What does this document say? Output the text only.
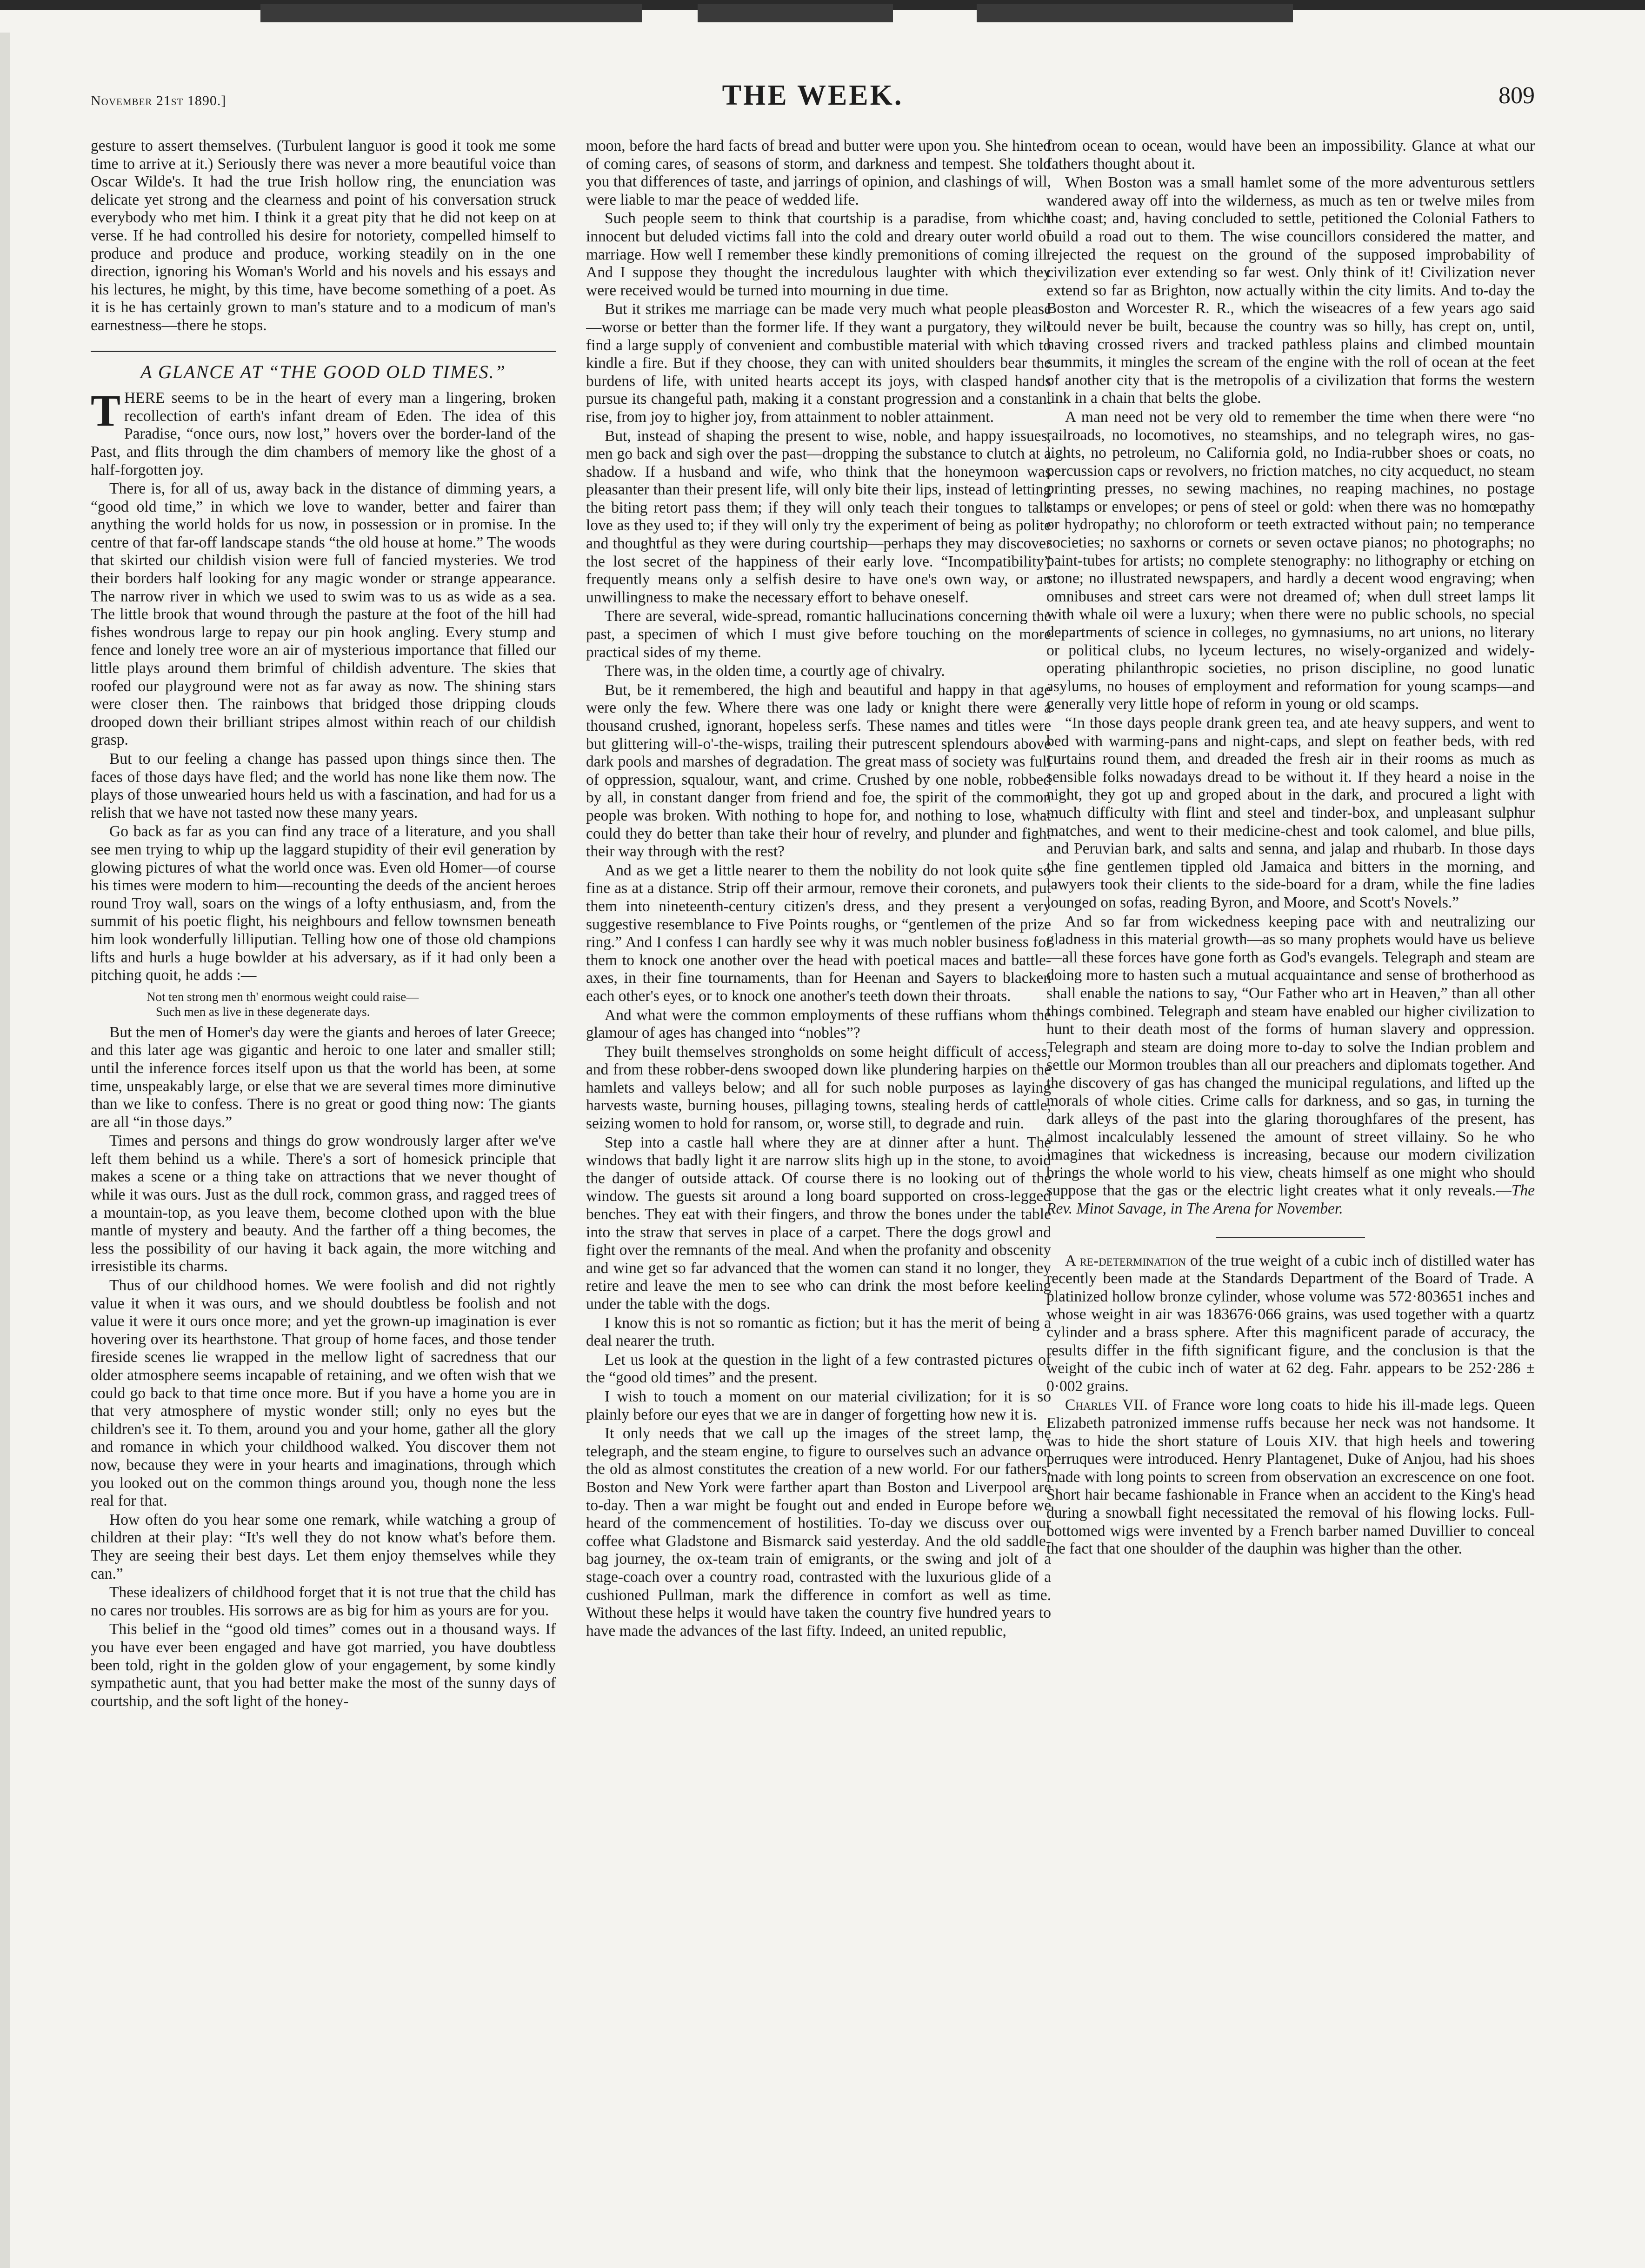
November 21st 1890.]	THE WEEK.	809

gesture to assert themselves. (Turbulent languor is good it took me some time to arrive at it.) Seriously there was never a more beautiful voice than Oscar Wilde's. It had the true Irish hollow ring, the enunciation was delicate yet strong and the clearness and point of his conversation struck everybody who met him. I think it a great pity that he did not keep on at verse. If he had controlled his desire for notoriety, compelled himself to produce and produce and produce, working steadily on in the one direction, ignoring his Woman's World and his novels and his essays and his lectures, he might, by this time, have become something of a poet. As it is he has certainly grown to man's stature and to a modicum of man's earnestness—there he stops.

A GLANCE AT “THE GOOD OLD TIMES.”

THERE seems to be in the heart of every man a lingering, broken recollection of earth's infant dream of Eden. The idea of this Paradise, “once ours, now lost,” hovers over the border-land of the Past, and flits through the dim chambers of memory like the ghost of a half-forgotten joy.

There is, for all of us, away back in the distance of dimming years, a “good old time,” in which we love to wander, better and fairer than anything the world holds for us now, in possession or in promise. In the centre of that far-off landscape stands “the old house at home.” The woods that skirted our childish vision were full of fancied mysteries. We trod their borders half looking for any magic wonder or strange appearance. The narrow river in which we used to swim was to us as wide as a sea. The little brook that wound through the pasture at the foot of the hill had fishes wondrous large to repay our pin hook angling. Every stump and fence and lonely tree wore an air of mysterious importance that filled our little plays around them brimful of childish adventure. The skies that roofed our playground were not as far away as now. The shining stars were closer then. The rainbows that bridged those dripping clouds drooped down their brilliant stripes almost within reach of our childish grasp.

But to our feeling a change has passed upon things since then. The faces of those days have fled; and the world has none like them now. The plays of those unwearied hours held us with a fascination, and had for us a relish that we have not tasted now these many years.

Go back as far as you can find any trace of a literature, and you shall see men trying to whip up the laggard stupidity of their evil generation by glowing pictures of what the world once was. Even old Homer—of course his times were modern to him—recounting the deeds of the ancient heroes round Troy wall, soars on the wings of a lofty enthusiasm, and, from the summit of his poetic flight, his neighbours and fellow townsmen beneath him look wonderfully lilliputian. Telling how one of those old champions lifts and hurls a huge bowlder at his adversary, as if it had only been a pitching quoit, he adds :—

Not ten strong men th' enormous weight could raise—
Such men as live in these degenerate days.

But the men of Homer's day were the giants and heroes of later Greece; and this later age was gigantic and heroic to one later and smaller still; until the inference forces itself upon us that the world has been, at some time, unspeakably large, or else that we are several times more diminutive than we like to confess. There is no great or good thing now: The giants are all “in those days.”

Times and persons and things do grow wondrously larger after we've left them behind us a while. There's a sort of homesick principle that makes a scene or a thing take on attractions that we never thought of while it was ours. Just as the dull rock, common grass, and ragged trees of a mountain-top, as you leave them, become clothed upon with the blue mantle of mystery and beauty. And the farther off a thing becomes, the less the possibility of our having it back again, the more witching and irresistible its charms.

Thus of our childhood homes. We were foolish and did not rightly value it when it was ours, and we should doubtless be foolish and not value it were it ours once more; and yet the grown-up imagination is ever hovering over its hearthstone. That group of home faces, and those tender fireside scenes lie wrapped in the mellow light of sacredness that our older atmosphere seems incapable of retaining, and we often wish that we could go back to that time once more. But if you have a home you are in that very atmosphere of mystic wonder still; only no eyes but the children's see it. To them, around you and your home, gather all the glory and romance in which your childhood walked. You discover them not now, because they were in your hearts and imaginations, through which you looked out on the common things around you, though none the less real for that.

How often do you hear some one remark, while watching a group of children at their play: “It's well they do not know what's before them. They are seeing their best days. Let them enjoy themselves while they can.”

These idealizers of childhood forget that it is not true that the child has no cares nor troubles. His sorrows are as big for him as yours are for you.

This belief in the “good old times” comes out in a thousand ways. If you have ever been engaged and have got married, you have doubtless been told, right in the golden glow of your engagement, by some kindly sympathetic aunt, that you had better make the most of the sunny days of courtship, and the soft light of the honey-

moon, before the hard facts of bread and butter were upon you. She hinted of coming cares, of seasons of storm, and darkness and tempest. She told you that differences of taste, and jarrings of opinion, and clashings of will, were liable to mar the peace of wedded life.

Such people seem to think that courtship is a paradise, from which innocent but deluded victims fall into the cold and dreary outer world of marriage. How well I remember these kindly premonitions of coming ill. And I suppose they thought the incredulous laughter with which they were received would be turned into mourning in due time.

But it strikes me marriage can be made very much what people please—worse or better than the former life. If they want a purgatory, they will find a large supply of convenient and combustible material with which to kindle a fire. But if they choose, they can with united shoulders bear the burdens of life, with united hearts accept its joys, with clasped hands pursue its changeful path, making it a constant progression and a constant rise, from joy to higher joy, from attainment to nobler attainment.

But, instead of shaping the present to wise, noble, and happy issues, men go back and sigh over the past—dropping the substance to clutch at a shadow. If a husband and wife, who think that the honeymoon was pleasanter than their present life, will only bite their lips, instead of letting the biting retort pass them; if they will only teach their tongues to talk love as they used to; if they will only try the experiment of being as polite and thoughtful as they were during courtship—perhaps they may discover the lost secret of the happiness of their early love. “Incompatibility” frequently means only a selfish desire to have one's own way, or an unwillingness to make the necessary effort to behave oneself.

There are several, wide-spread, romantic hallucinations concerning the past, a specimen of which I must give before touching on the more practical sides of my theme.

There was, in the olden time, a courtly age of chivalry.

But, be it remembered, the high and beautiful and happy in that age were only the few. Where there was one lady or knight there were a thousand crushed, ignorant, hopeless serfs. These names and titles were but glittering will-o'-the-wisps, trailing their putrescent splendours above dark pools and marshes of degradation. The great mass of society was full of oppression, squalour, want, and crime. Crushed by one noble, robbed by all, in constant danger from friend and foe, the spirit of the common people was broken. With nothing to hope for, and nothing to lose, what could they do better than take their hour of revelry, and plunder and fight their way through with the rest?

And as we get a little nearer to them the nobility do not look quite so fine as at a distance. Strip off their armour, remove their coronets, and put them into nineteenth-century citizen's dress, and they present a very suggestive resemblance to Five Points roughs, or “gentlemen of the prize ring.” And I confess I can hardly see why it was much nobler business for them to knock one another over the head with poetical maces and battle-axes, in their fine tournaments, than for Heenan and Sayers to blacken each other's eyes, or to knock one another's teeth down their throats.

And what were the common employments of these ruffians whom the glamour of ages has changed into “nobles”?

They built themselves strongholds on some height difficult of access, and from these robber-dens swooped down like plundering harpies on the hamlets and valleys below; and all for such noble purposes as laying harvests waste, burning houses, pillaging towns, stealing herds of cattle, seizing women to hold for ransom, or, worse still, to degrade and ruin.

Step into a castle hall where they are at dinner after a hunt. The windows that badly light it are narrow slits high up in the stone, to avoid the danger of outside attack. Of course there is no looking out of the window. The guests sit around a long board supported on cross-legged benches. They eat with their fingers, and throw the bones under the table into the straw that serves in place of a carpet. There the dogs growl and fight over the remnants of the meal. And when the profanity and obscenity and wine get so far advanced that the women can stand it no longer, they retire and leave the men to see who can drink the most before keeling under the table with the dogs.

I know this is not so romantic as fiction; but it has the merit of being a deal nearer the truth.

Let us look at the question in the light of a few contrasted pictures of the “good old times” and the present.

I wish to touch a moment on our material civilization; for it is so plainly before our eyes that we are in danger of forgetting how new it is.

It only needs that we call up the images of the street lamp, the telegraph, and the steam engine, to figure to ourselves such an advance on the old as almost constitutes the creation of a new world. For our fathers, Boston and New York were farther apart than Boston and Liverpool are to-day. Then a war might be fought out and ended in Europe before we heard of the commencement of hostilities. To-day we discuss over our coffee what Gladstone and Bismarck said yesterday. And the old saddle-bag journey, the ox-team train of emigrants, or the swing and jolt of a stage-coach over a country road, contrasted with the luxurious glide of a cushioned Pullman, mark the difference in comfort as well as time. Without these helps it would have taken the country five hundred years to have made the advances of the last fifty. Indeed, an united republic,

from ocean to ocean, would have been an impossibility. Glance at what our fathers thought about it.

When Boston was a small hamlet some of the more adventurous settlers wandered away off into the wilderness, as much as ten or twelve miles from the coast; and, having concluded to settle, petitioned the Colonial Fathers to build a road out to them. The wise councillors considered the matter, and rejected the request on the ground of the supposed improbability of civilization ever extending so far west. Only think of it! Civilization never extend so far as Brighton, now actually within the city limits. And to-day the Boston and Worcester R. R., which the wiseacres of a few years ago said could never be built, because the country was so hilly, has crept on, until, having crossed rivers and tracked pathless plains and climbed mountain summits, it mingles the scream of the engine with the roll of ocean at the feet of another city that is the metropolis of a civilization that forms the western link in a chain that belts the globe.

A man need not be very old to remember the time when there were “no railroads, no locomotives, no steamships, and no telegraph wires, no gas-lights, no petroleum, no California gold, no India-rubber shoes or coats, no percussion caps or revolvers, no friction matches, no city acqueduct, no steam printing presses, no sewing machines, no reaping machines, no postage stamps or envelopes; or pens of steel or gold: when there was no homœpathy or hydropathy; no chloroform or teeth extracted without pain; no temperance societies; no saxhorns or cornets or seven octave pianos; no photographs; no paint-tubes for artists; no complete stenography: no lithography or etching on stone; no illustrated newspapers, and hardly a decent wood engraving; when omnibuses and street cars were not dreamed of; when dull street lamps lit with whale oil were a luxury; when there were no public schools, no special departments of science in colleges, no gymnasiums, no art unions, no literary or political clubs, no lyceum lectures, no wisely-organized and widely-operating philanthropic societies, no prison discipline, no good lunatic asylums, no houses of employment and reformation for young scamps—and generally very little hope of reform in young or old scamps.

“In those days people drank green tea, and ate heavy suppers, and went to bed with warming-pans and night-caps, and slept on feather beds, with red curtains round them, and dreaded the fresh air in their rooms as much as sensible folks nowadays dread to be without it. If they heard a noise in the night, they got up and groped about in the dark, and procured a light with much difficulty with flint and steel and tinder-box, and unpleasant sulphur matches, and went to their medicine-chest and took calomel, and blue pills, and Peruvian bark, and salts and senna, and jalap and rhubarb. In those days the fine gentlemen tippled old Jamaica and bitters in the morning, and lawyers took their clients to the side-board for a dram, while the fine ladies lounged on sofas, reading Byron, and Moore, and Scott's Novels.”

And so far from wickedness keeping pace with and neutralizing our gladness in this material growth—as so many prophets would have us believe—all these forces have gone forth as God's evangels. Telegraph and steam are doing more to hasten such a mutual acquaintance and sense of brotherhood as shall enable the nations to say, “Our Father who art in Heaven,” than all other things combined. Telegraph and steam have enabled our higher civilization to hunt to their death most of the forms of human slavery and oppression. Telegraph and steam are doing more to-day to solve the Indian problem and settle our Mormon troubles than all our preachers and diplomats together. And the discovery of gas has changed the municipal regulations, and lifted up the morals of whole cities. Crime calls for darkness, and so gas, in turning the dark alleys of the past into the glaring thoroughfares of the present, has almost incalculably lessened the amount of street villainy. So he who imagines that wickedness is increasing, because our modern civilization brings the whole world to his view, cheats himself as one might who should suppose that the gas or the electric light creates what it only reveals.—The Rev. Minot Savage, in The Arena for November.

A re-determination of the true weight of a cubic inch of distilled water has recently been made at the Standards Department of the Board of Trade. A platinized hollow bronze cylinder, whose volume was 572·803651 inches and whose weight in air was 183676·066 grains, was used together with a quartz cylinder and a brass sphere. After this magnificent parade of accuracy, the results differ in the fifth significant figure, and the conclusion is that the weight of the cubic inch of water at 62 deg. Fahr. appears to be 252·286 ± 0·002 grains.

Charles VII. of France wore long coats to hide his ill-made legs. Queen Elizabeth patronized immense ruffs because her neck was not handsome. It was to hide the short stature of Louis XIV. that high heels and towering perruques were introduced. Henry Plantagenet, Duke of Anjou, had his shoes made with long points to screen from observation an excrescence on one foot. Short hair became fashionable in France when an accident to the King's head during a snowball fight necessitated the removal of his flowing locks. Full-bottomed wigs were invented by a French barber named Duvillier to conceal the fact that one shoulder of the dauphin was higher than the other.
